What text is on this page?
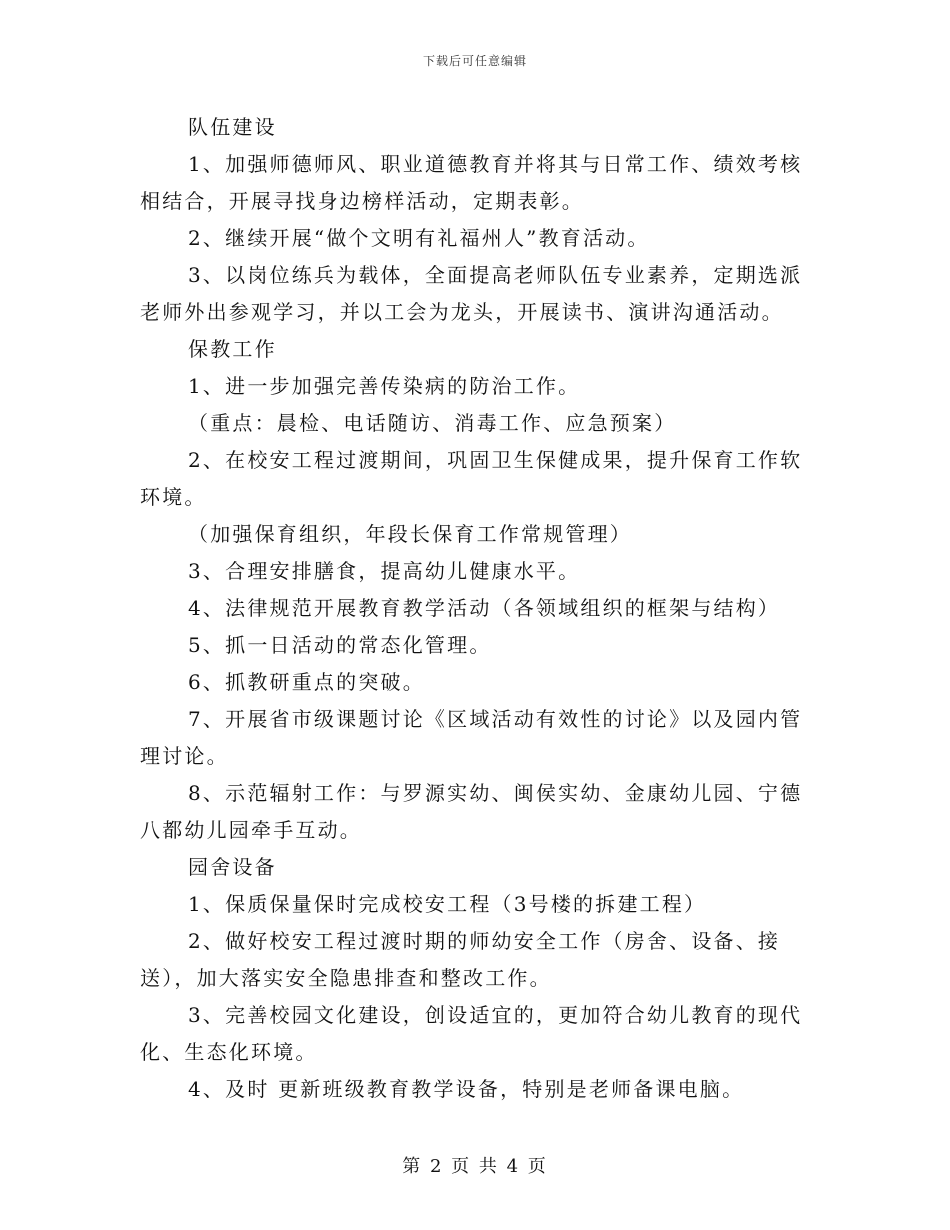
下载后可任意编辑

队伍建设

1、加强师德师风、职业道德教育并将其与日常工作、绩效考核相结合，开展寻找身边榜样活动，定期表彰。

2、继续开展“做个文明有礼福州人”教育活动。

3、以岗位练兵为载体，全面提高老师队伍专业素养，定期选派老师外出参观学习，并以工会为龙头，开展读书、演讲沟通活动。

保教工作

1、进一步加强完善传染病的防治工作。

（重点：晨检、电话随访、消毒工作、应急预案）

2、在校安工程过渡期间，巩固卫生保健成果，提升保育工作软环境。

（加强保育组织，年段长保育工作常规管理）

3、合理安排膳食，提高幼儿健康水平。

4、法律规范开展教育教学活动（各领域组织的框架与结构）

5、抓一日活动的常态化管理。

6、抓教研重点的突破。

7、开展省市级课题讨论《区域活动有效性的讨论》以及园内管理讨论。

8、示范辐射工作：与罗源实幼、闽侯实幼、金康幼儿园、宁德八都幼儿园牵手互动。

园舍设备

1、保质保量保时完成校安工程（3号楼的拆建工程）

2、做好校安工程过渡时期的师幼安全工作（房舍、设备、接送），加大落实安全隐患排查和整改工作。

3、完善校园文化建设，创设适宜的，更加符合幼儿教育的现代化、生态化环境。

4、及时 更新班级教育教学设备，特别是老师备课电脑。

第 2 页 共 4 页
